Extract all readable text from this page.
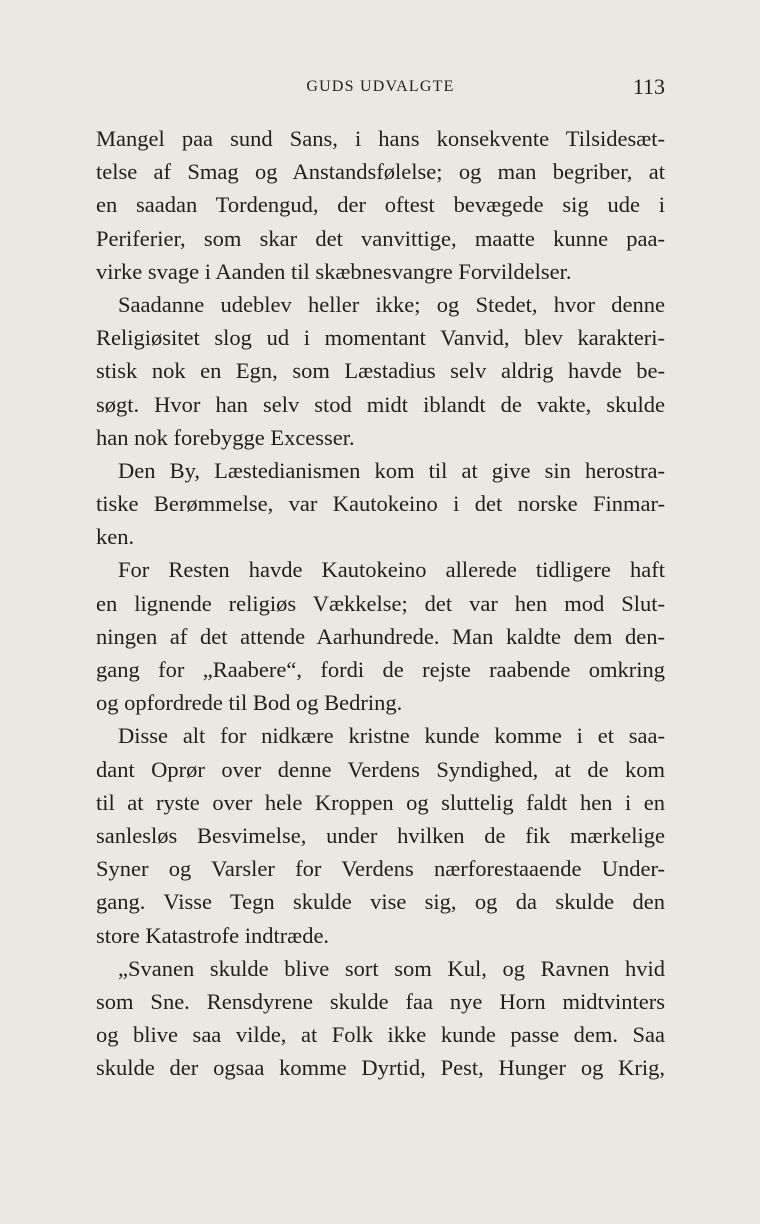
GUDS UDVALGTE	113
Mangel paa sund Sans, i hans konsekvente Tilsidesæt-
telse af Smag og Anstandsfølelse; og man begriber, at
en saadan Tordengud, der oftest bevægede sig ude i
Periferier, som skar det vanvittige, maatte kunne paa-
virke svage i Aanden til skæbnesvangre Forvildelser.
Saadanne udeblev heller ikke; og Stedet, hvor denne
Religiøsitet slog ud i momentant Vanvid, blev karakteri-
stisk nok en Egn, som Læstadius selv aldrig havde be-
søgt. Hvor han selv stod midt iblandt de vakte, skulde
han nok forebygge Excesser.
Den By, Læstedianismen kom til at give sin herostra-
tiske Berømmelse, var Kautokeino i det norske Finmar-
ken.
For Resten havde Kautokeino allerede tidligere haft
en lignende religiøs Vækkelse; det var hen mod Slut-
ningen af det attende Aarhundrede. Man kaldte dem den-
gang for „Raabere“, fordi de rejste raabende omkring
og opfordrede til Bod og Bedring.
Disse alt for nidkære kristne kunde komme i et saa-
dant Oprør over denne Verdens Syndighed, at de kom
til at ryste over hele Kroppen og sluttelig faldt hen i en
sanlesløs Besvimelse, under hvilken de fik mærkelige
Syner og Varsler for Verdens nærforestaaende Under-
gang. Visse Tegn skulde vise sig, og da skulde den
store Katastrofe indtræde.
„Svanen skulde blive sort som Kul, og Ravnen hvid
som Sne. Rensdyrene skulde faa nye Horn midtvinters
og blive saa vilde, at Folk ikke kunde passe dem. Saa
skulde der ogsaa komme Dyrtid, Pest, Hunger og Krig,
